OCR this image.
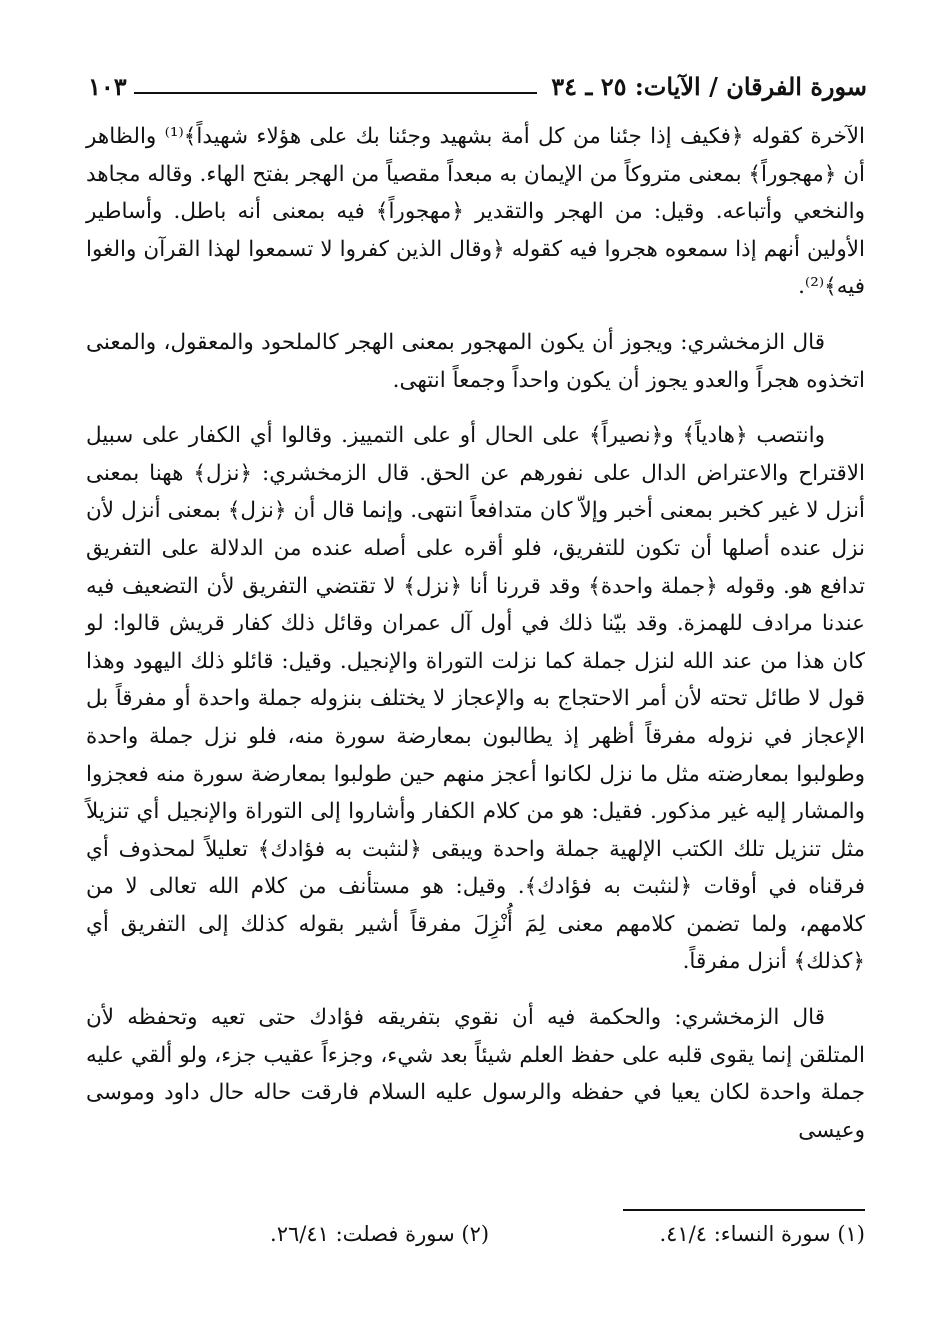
سورة الفرقان / الآيات: ٢٥ ـ ٣٤
١٠٣

الآخرة كقوله ﴿فكيف إذا جئنا من كل أمة بشهيد وجئنا بك على هؤلاء شهيداً﴾⁽¹⁾ والظاهر أن ﴿مهجوراً﴾ بمعنى متروكاً من الإيمان به مبعداً مقصياً من الهجر بفتح الهاء. وقاله مجاهد والنخعي وأتباعه. وقيل: من الهجر والتقدير ﴿مهجوراً﴾ فيه بمعنى أنه باطل. وأساطير الأولين أنهم إذا سمعوه هجروا فيه كقوله ﴿وقال الذين كفروا لا تسمعوا لهذا القرآن والغوا فيه﴾⁽²⁾.

قال الزمخشري: ويجوز أن يكون المهجور بمعنى الهجر كالملحود والمعقول، والمعنى اتخذوه هجراً والعدو يجوز أن يكون واحداً وجمعاً انتهى.

وانتصب ﴿هادياً﴾ و﴿نصيراً﴾ على الحال أو على التمييز. وقالوا أي الكفار على سبيل الاقتراح والاعتراض الدال على نفورهم عن الحق. قال الزمخشري: ﴿نزل﴾ ههنا بمعنى أنزل لا غير كخبر بمعنى أخبر وإلاّ كان متدافعاً انتهى. وإنما قال أن ﴿نزل﴾ بمعنى أنزل لأن نزل عنده أصلها أن تكون للتفريق، فلو أقره على أصله عنده من الدلالة على التفريق تدافع هو. وقوله ﴿جملة واحدة﴾ وقد قررنا أنا ﴿نزل﴾ لا تقتضي التفريق لأن التضعيف فيه عندنا مرادف للهمزة. وقد بيّنا ذلك في أول آل عمران وقائل ذلك كفار قريش قالوا: لو كان هذا من عند الله لنزل جملة كما نزلت التوراة والإنجيل. وقيل: قائلو ذلك اليهود وهذا قول لا طائل تحته لأن أمر الاحتجاج به والإعجاز لا يختلف بنزوله جملة واحدة أو مفرقاً بل الإعجاز في نزوله مفرقاً أظهر إذ يطالبون بمعارضة سورة منه، فلو نزل جملة واحدة وطولبوا بمعارضته مثل ما نزل لكانوا أعجز منهم حين طولبوا بمعارضة سورة منه فعجزوا والمشار إليه غير مذكور. فقيل: هو من كلام الكفار وأشاروا إلى التوراة والإنجيل أي تنزيلاً مثل تنزيل تلك الكتب الإلهية جملة واحدة ويبقى ﴿لنثبت به فؤادك﴾ تعليلاً لمحذوف أي فرقناه في أوقات ﴿لنثبت به فؤادك﴾. وقيل: هو مستأنف من كلام الله تعالى لا من كلامهم، ولما تضمن كلامهم معنى لِمَ أُنْزِلَ مفرقاً أشير بقوله كذلك إلى التفريق أي ﴿كذلك﴾ أنزل مفرقاً.

قال الزمخشري: والحكمة فيه أن نقوي بتفريقه فؤادك حتى تعيه وتحفظه لأن المتلقن إنما يقوى قلبه على حفظ العلم شيئاً بعد شيء، وجزءاً عقيب جزء، ولو ألقي عليه جملة واحدة لكان يعيا في حفظه والرسول عليه السلام فارقت حاله حال داود وموسى وعيسى

(١) سورة النساء: ٤١/٤.
(٢) سورة فصلت: ٢٦/٤١.
